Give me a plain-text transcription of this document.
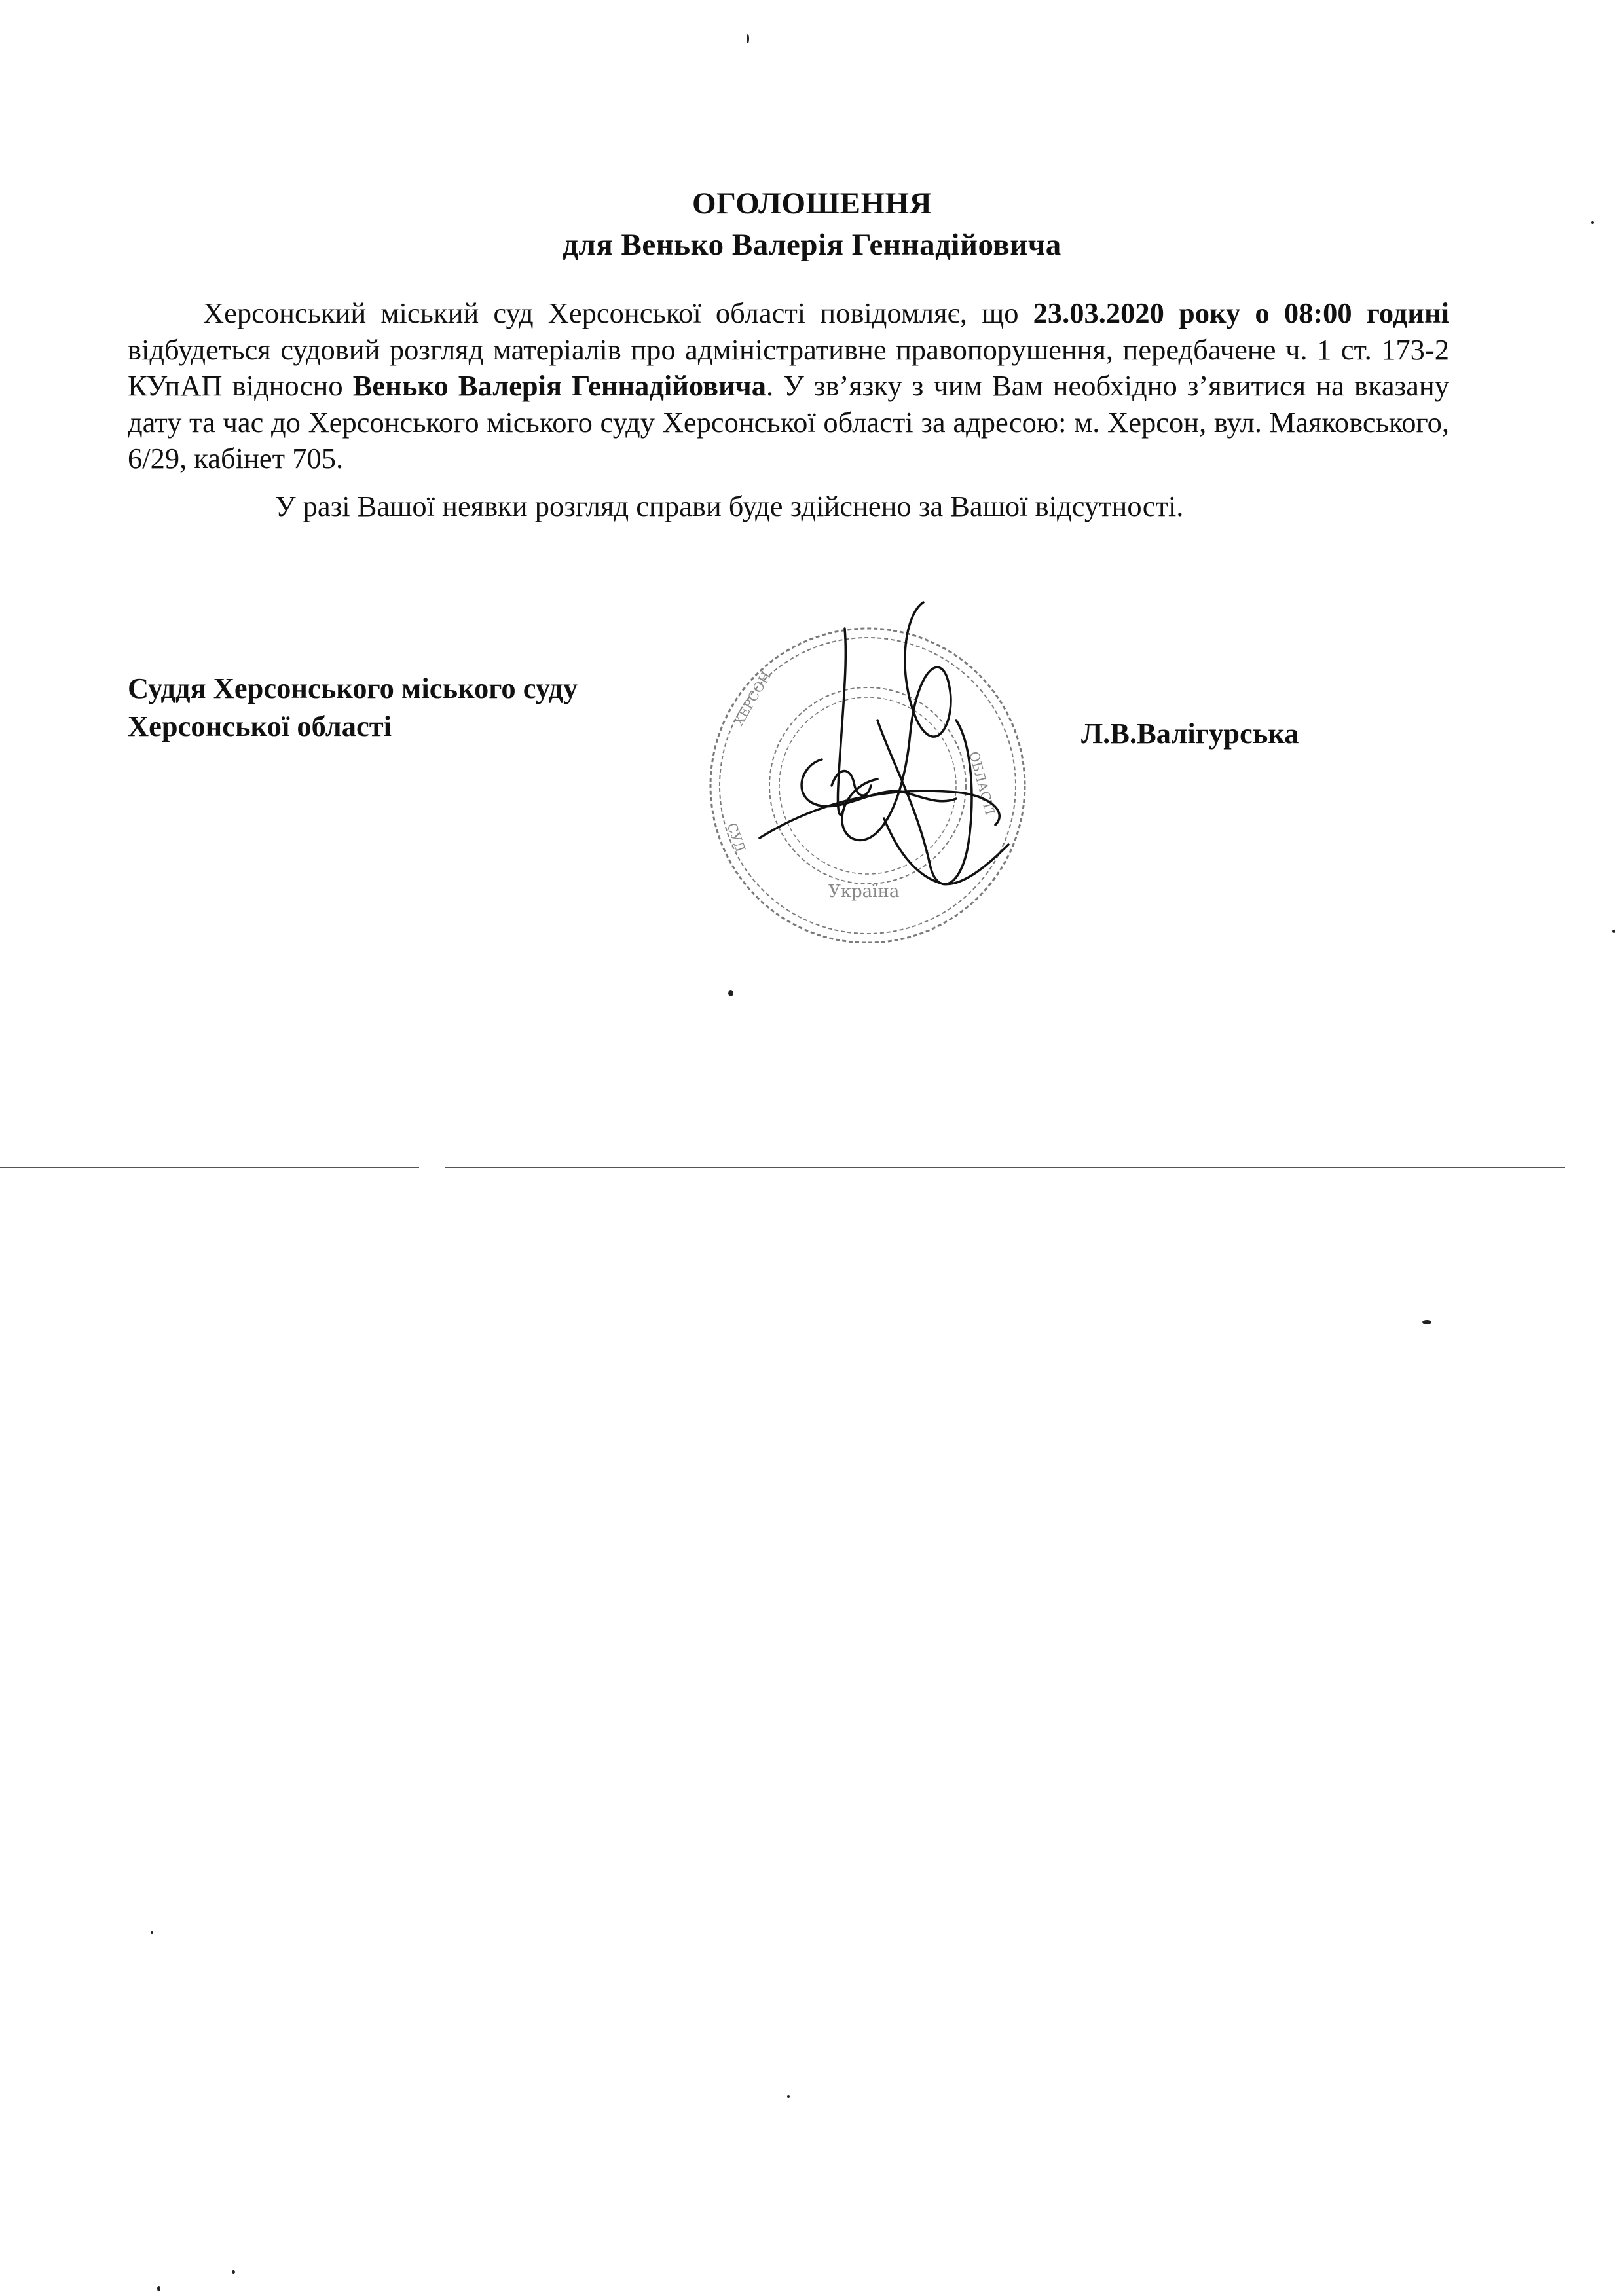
ОГОЛОШЕННЯ
для Венько Валерія Геннадійовича
Херсонський міський суд Херсонської області повідомляє, що 23.03.2020 року о 08:00 годині відбудеться судовий розгляд матеріалів про адміністративне правопорушення, передбачене ч. 1 ст. 173-2 КУпАП відносно Венько Валерія Геннадійовича. У зв’язку з чим Вам необхідно з’явитися на вказану дату та час до Херсонського міського суду Херсонської області за адресою: м. Херсон, вул. Маяковського, 6/29, кабінет 705.
У разі Вашої неявки розгляд справи буде здійснено за Вашої відсутності.
Суддя Херсонського міського суду
Херсонської області	ХЕРСОН
СУД
ОБЛАСТІ
Україна
Л.В.Валігурська
